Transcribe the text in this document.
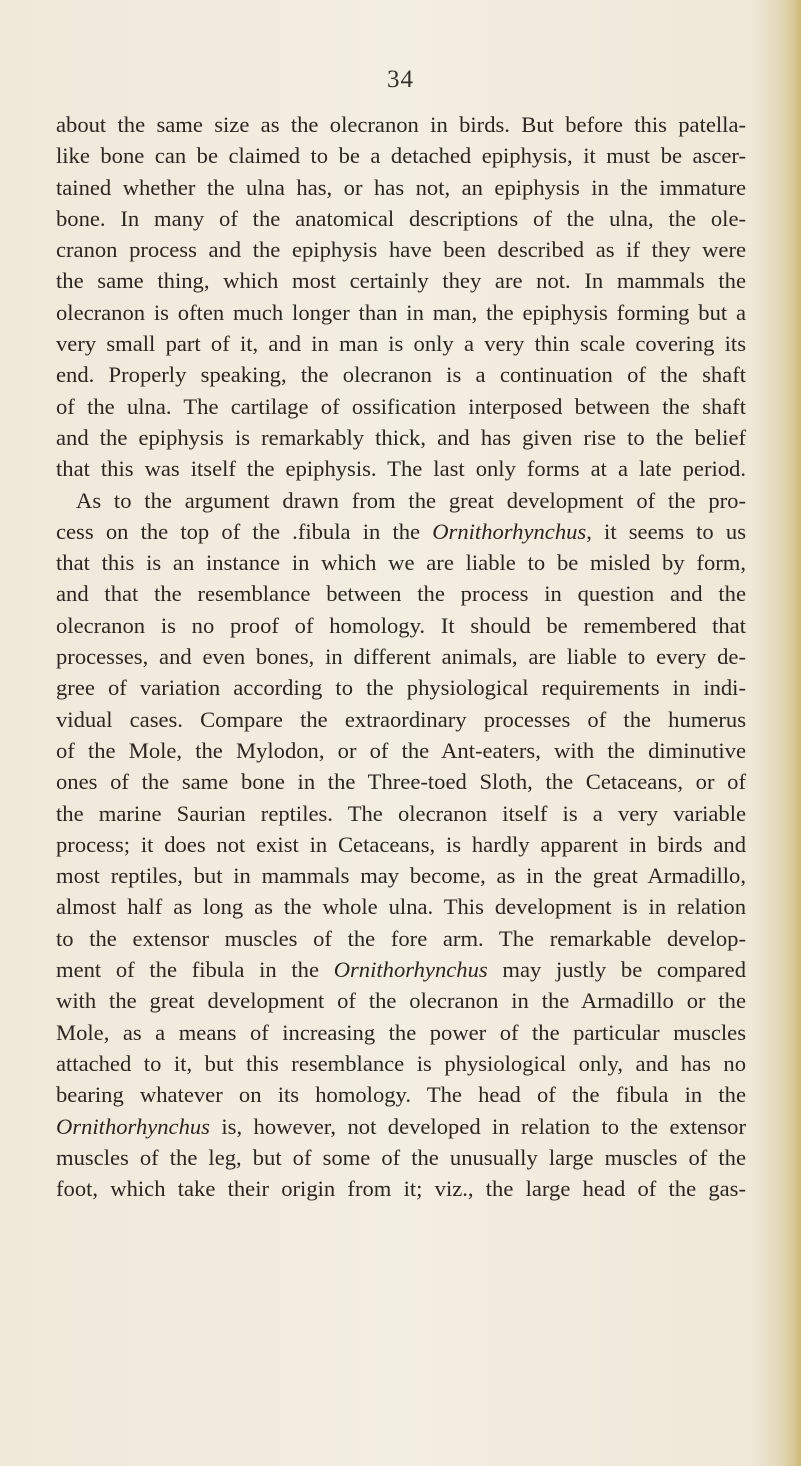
34
about the same size as the olecranon in birds. But before this patella-
like bone can be claimed to be a detached epiphysis, it must be ascer-
tained whether the ulna has, or has not, an epiphysis in the immature
bone. In many of the anatomical descriptions of the ulna, the ole-
cranon process and the epiphysis have been described as if they were
the same thing, which most certainly they are not. In mammals the
olecranon is often much longer than in man, the epiphysis forming but a
very small part of it, and in man is only a very thin scale covering its
end. Properly speaking, the olecranon is a continuation of the shaft
of the ulna. The cartilage of ossification interposed between the shaft
and the epiphysis is remarkably thick, and has given rise to the belief
that this was itself the epiphysis. The last only forms at a late period.
As to the argument drawn from the great development of the pro-
cess on the top of the .fibula in the Ornithorhynchus, it seems to us
that this is an instance in which we are liable to be misled by form,
and that the resemblance between the process in question and the
olecranon is no proof of homology. It should be remembered that
processes, and even bones, in different animals, are liable to every de-
gree of variation according to the physiological requirements in indi-
vidual cases. Compare the extraordinary processes of the humerus
of the Mole, the Mylodon, or of the Ant-eaters, with the diminutive
ones of the same bone in the Three-toed Sloth, the Cetaceans, or of
the marine Saurian reptiles. The olecranon itself is a very variable
process; it does not exist in Cetaceans, is hardly apparent in birds and
most reptiles, but in mammals may become, as in the great Armadillo,
almost half as long as the whole ulna. This development is in relation
to the extensor muscles of the fore arm. The remarkable develop-
ment of the fibula in the Ornithorhynchus may justly be compared
with the great development of the olecranon in the Armadillo or the
Mole, as a means of increasing the power of the particular muscles
attached to it, but this resemblance is physiological only, and has no
bearing whatever on its homology. The head of the fibula in the
Ornithorhynchus is, however, not developed in relation to the extensor
muscles of the leg, but of some of the unusually large muscles of the
foot, which take their origin from it; viz., the large head of the gas-
